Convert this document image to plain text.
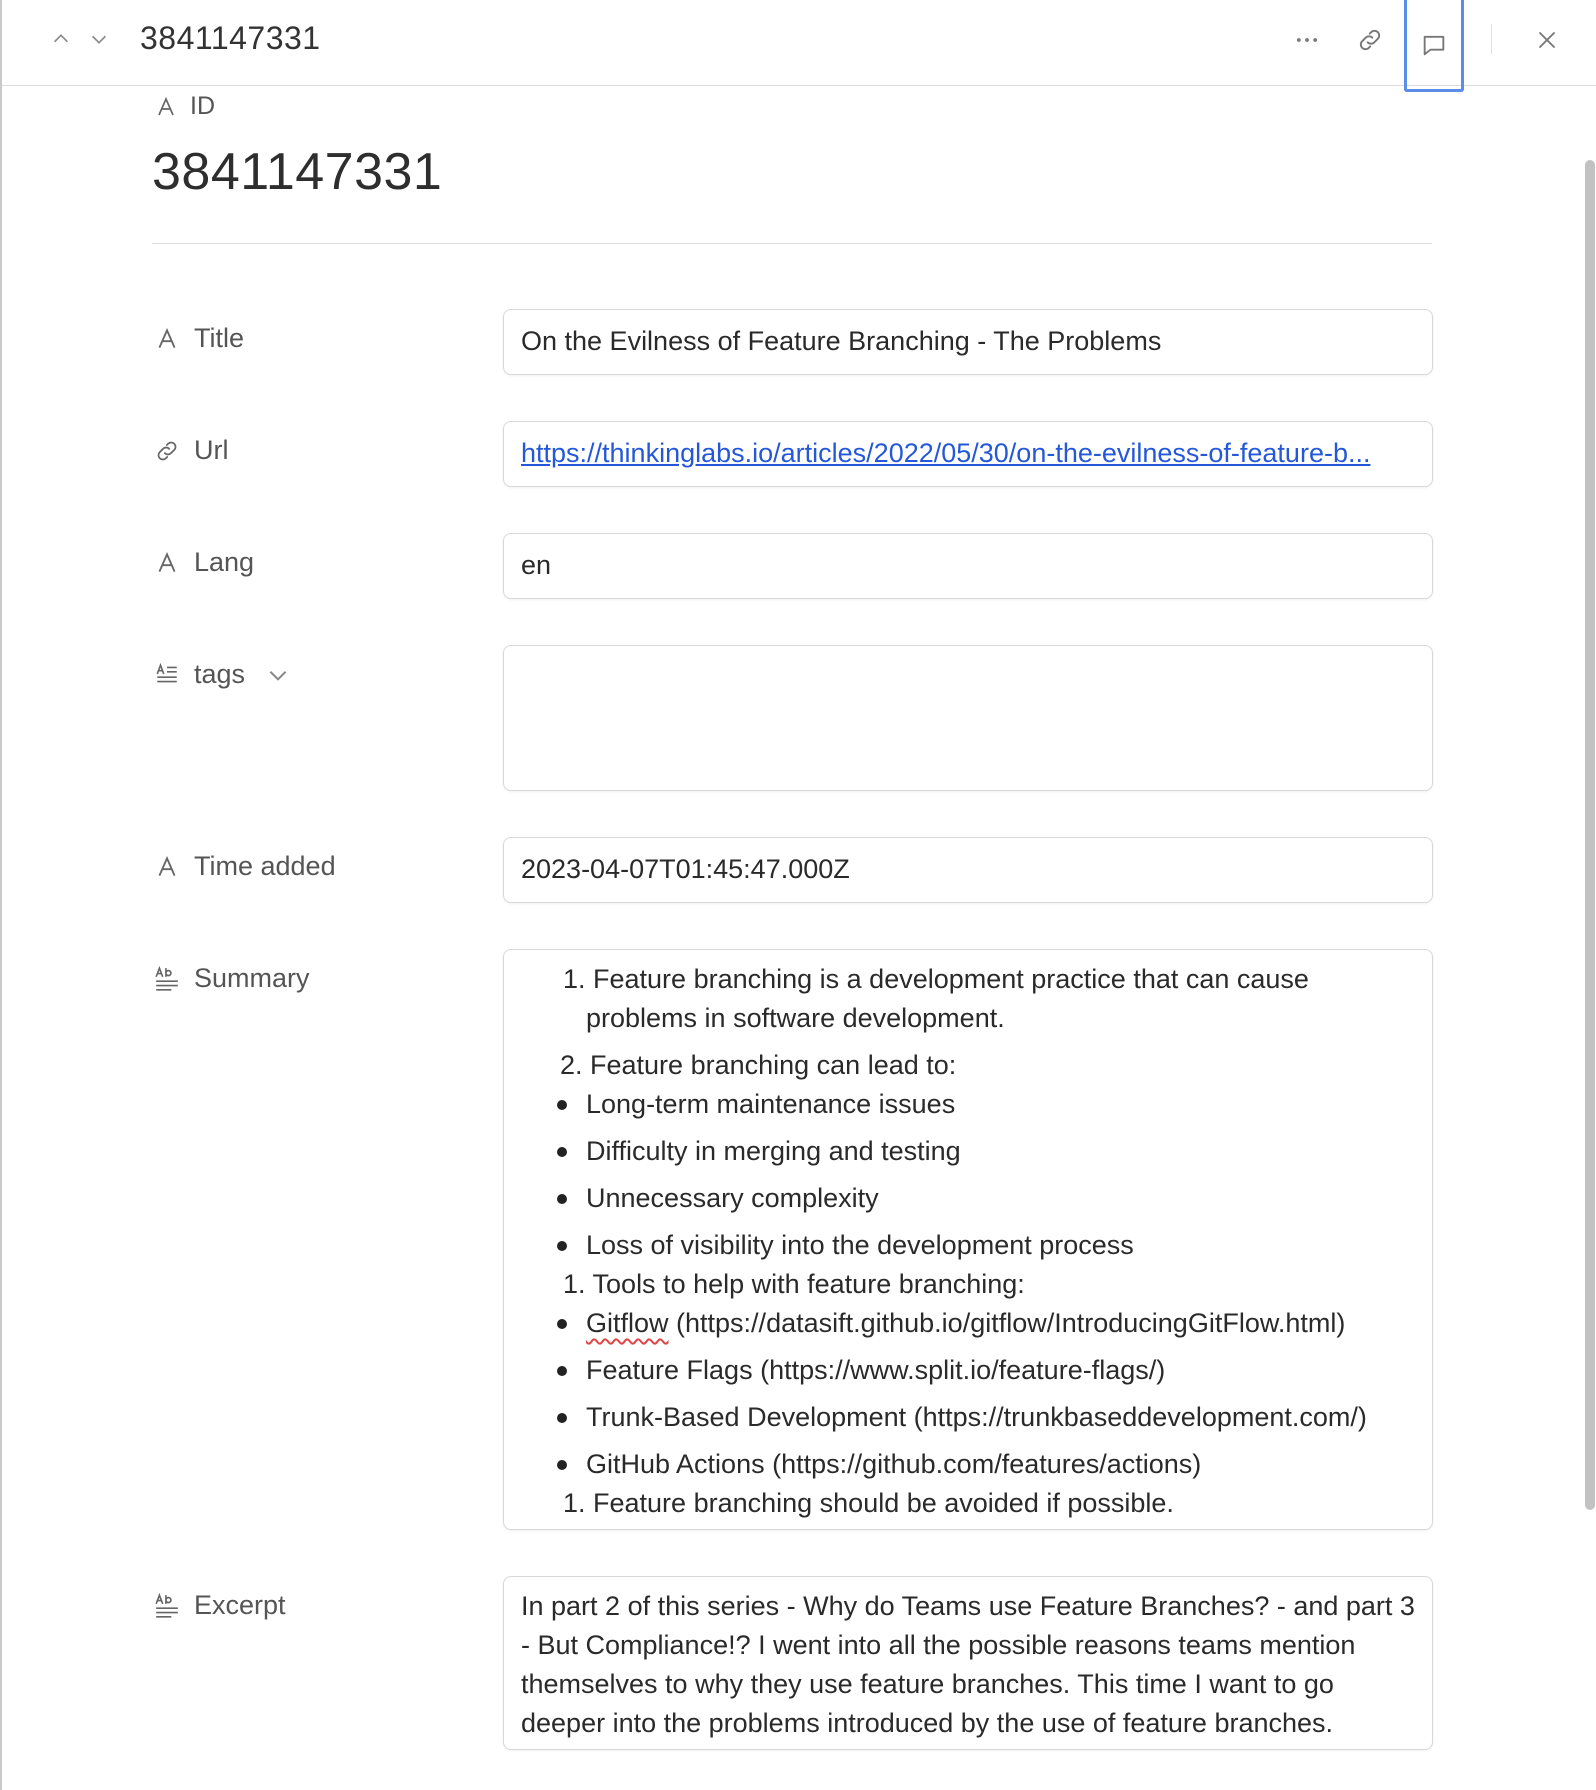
3841147331
ID
3841147331
Title	On the Evilness of Feature Branching - The Problems
Url	https://thinkinglabs.io/articles/2022/05/30/on-the-evilness-of-feature-b...
Lang	en
tags
Time added	2023-04-07T01:45:47.000Z
Summary	1. Feature branching is a development practice that can cause
problems in software development.
2. Feature branching can lead to:
Long-term maintenance issues
Difficulty in merging and testing
Unnecessary complexity
Loss of visibility into the development process
1. Tools to help with feature branching:
Gitflow (https://datasift.github.io/gitflow/IntroducingGitFlow.html)
Feature Flags (https://www.split.io/feature-flags/)
Trunk-Based Development (https://trunkbaseddevelopment.com/)
GitHub Actions (https://github.com/features/actions)
1. Feature branching should be avoided if possible.
Excerpt	In part 2 of this series - Why do Teams use Feature Branches? - and part 3 - But Compliance!? I went into all the possible reasons teams mention themselves to why they use feature branches. This time I want to go deeper into the problems introduced by the use of feature branches.
